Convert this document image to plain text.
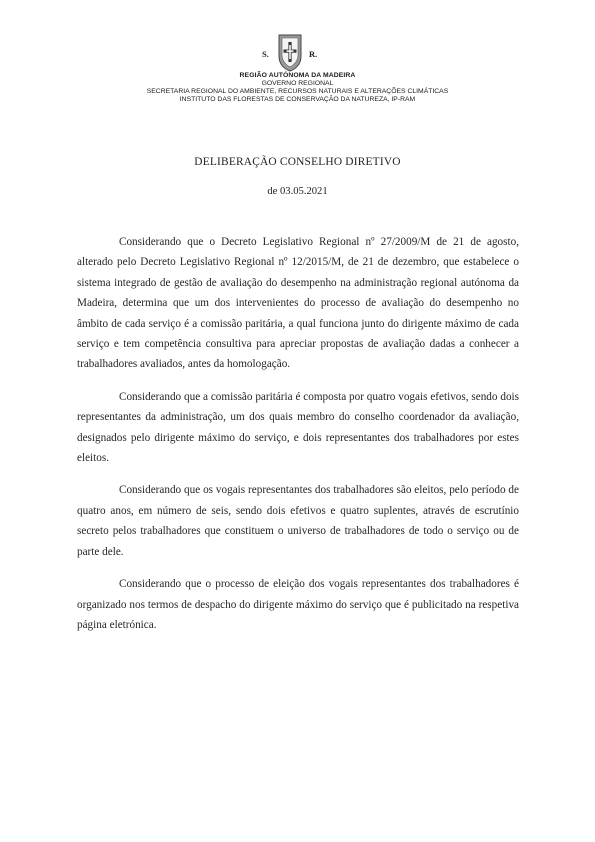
S.	R.
REGIÃO AUTÓNOMA DA MADEIRA
GOVERNO REGIONAL
SECRETARIA REGIONAL DO AMBIENTE, RECURSOS NATURAIS E ALTERAÇÕES CLIMÁTICAS
INSTITUTO DAS FLORESTAS DE CONSERVAÇÃO DA NATUREZA, IP-RAM
DELIBERAÇÃO CONSELHO DIRETIVO
de 03.05.2021

Considerando que o Decreto Legislativo Regional nº 27/2009/M de 21 de agosto, alterado pelo Decreto Legislativo Regional nº 12/2015/M, de 21 de dezembro, que estabelece o sistema integrado de gestão de avaliação do desempenho na administração regional autónoma da Madeira, determina que um dos intervenientes do processo de avaliação do desempenho no âmbito de cada serviço é a comissão paritária, a qual funciona junto do dirigente máximo de cada serviço e tem competência consultiva para apreciar propostas de avaliação dadas a conhecer a trabalhadores avaliados, antes da homologação.

Considerando que a comissão paritária é composta por quatro vogais efetivos, sendo dois representantes da administração, um dos quais membro do conselho coordenador da avaliação, designados pelo dirigente máximo do serviço, e dois representantes dos trabalhadores por estes eleitos.

Considerando que os vogais representantes dos trabalhadores são eleitos, pelo período de quatro anos, em número de seis, sendo dois efetivos e quatro suplentes, através de escrutínio secreto pelos trabalhadores que constituem o universo de trabalhadores de todo o serviço ou de parte dele.

Considerando que o processo de eleição dos vogais representantes dos trabalhadores é organizado nos termos de despacho do dirigente máximo do serviço que é publicitado na respetiva página eletrónica.
